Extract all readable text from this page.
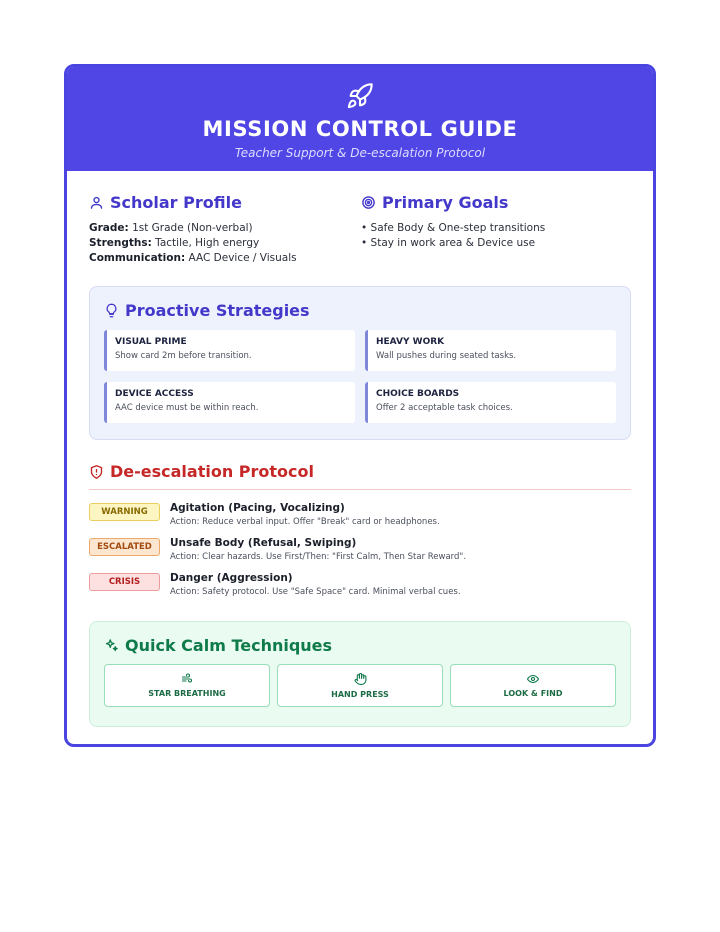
MISSION CONTROL GUIDE
Teacher Support & De-escalation Protocol
Scholar Profile
Grade: 1st Grade (Non-verbal)
Strengths: Tactile, High energy
Communication: AAC Device / Visuals
Primary Goals
• Safe Body & One-step transitions
• Stay in work area & Device use
Proactive Strategies
VISUAL PRIME
Show card 2m before transition.
HEAVY WORK
Wall pushes during seated tasks.
DEVICE ACCESS
AAC device must be within reach.
CHOICE BOARDS
Offer 2 acceptable task choices.
De-escalation Protocol
WARNING	Agitation (Pacing, Vocalizing)
Action: Reduce verbal input. Offer "Break" card or headphones.
ESCALATED	Unsafe Body (Refusal, Swiping)
Action: Clear hazards. Use First/Then: "First Calm, Then Star Reward".
CRISIS	Danger (Aggression)
Action: Safety protocol. Use "Safe Space" card. Minimal verbal cues.
Quick Calm Techniques
STAR BREATHING	HAND PRESS	LOOK & FIND
